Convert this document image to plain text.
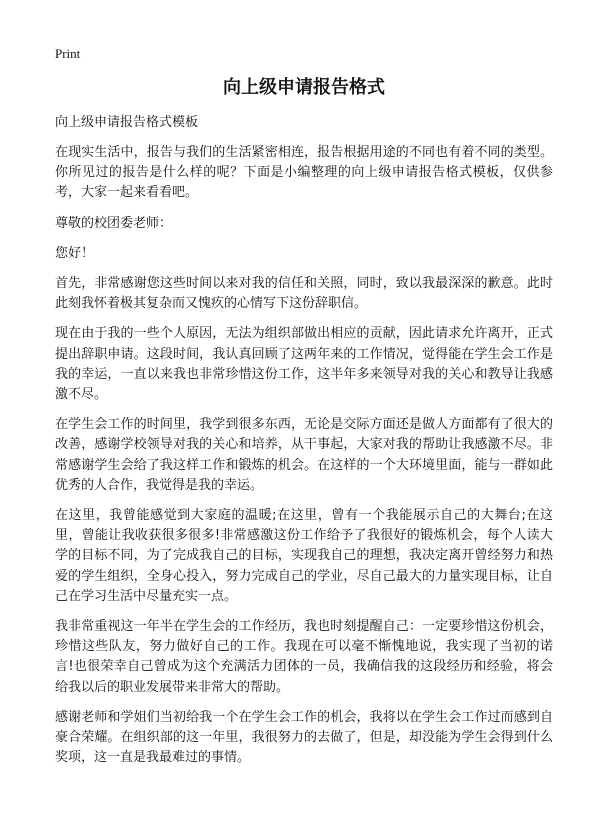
Print
向上级申请报告格式
向上级申请报告格式模板

在现实生活中，报告与我们的生活紧密相连，报告根据用途的不同也有着不同的类型。你所见过的报告是什么样的呢？下面是小编整理的向上级申请报告格式模板，仅供参考，大家一起来看看吧。

尊敬的校团委老师：

您好！

首先，非常感谢您这些时间以来对我的信任和关照，同时，致以我最深深的歉意。此时此刻我怀着极其复杂而又愧疚的心情写下这份辞职信。

现在由于我的一些个人原因，无法为组织部做出相应的贡献，因此请求允许离开，正式提出辞职申请。这段时间，我认真回顾了这两年来的工作情况，觉得能在学生会工作是我的幸运，一直以来我也非常珍惜这份工作，这半年多来领导对我的关心和教导让我感激不尽。

在学生会工作的时间里，我学到很多东西，无论是交际方面还是做人方面都有了很大的改善，感谢学校领导对我的关心和培养，从干事起，大家对我的帮助让我感激不尽。非常感谢学生会给了我这样工作和锻炼的机会。在这样的一个大环境里面，能与一群如此优秀的人合作，我觉得是我的幸运。

在这里，我曾能感觉到大家庭的温暖;在这里，曾有一个我能展示自己的大舞台;在这里，曾能让我收获很多很多!非常感激这份工作给予了我很好的锻炼机会，每个人读大学的目标不同，为了完成我自己的目标，实现我自己的理想，我决定离开曾经努力和热爱的学生组织，全身心投入，努力完成自己的学业，尽自己最大的力量实现目标，让自己在学习生活中尽量充实一点。

我非常重视这一年半在学生会的工作经历，我也时刻提醒自己：一定要珍惜这份机会，珍惜这些队友，努力做好自己的工作。我现在可以毫不惭愧地说，我实现了当初的诺言!也很荣幸自己曾成为这个充满活力团体的一员，我确信我的这段经历和经验，将会给我以后的职业发展带来非常大的帮助。

感谢老师和学姐们当初给我一个在学生会工作的机会，我将以在学生会工作过而感到自豪合荣耀。在组织部的这一年里，我很努力的去做了，但是，却没能为学生会得到什么奖项，这一直是我最难过的事情。
